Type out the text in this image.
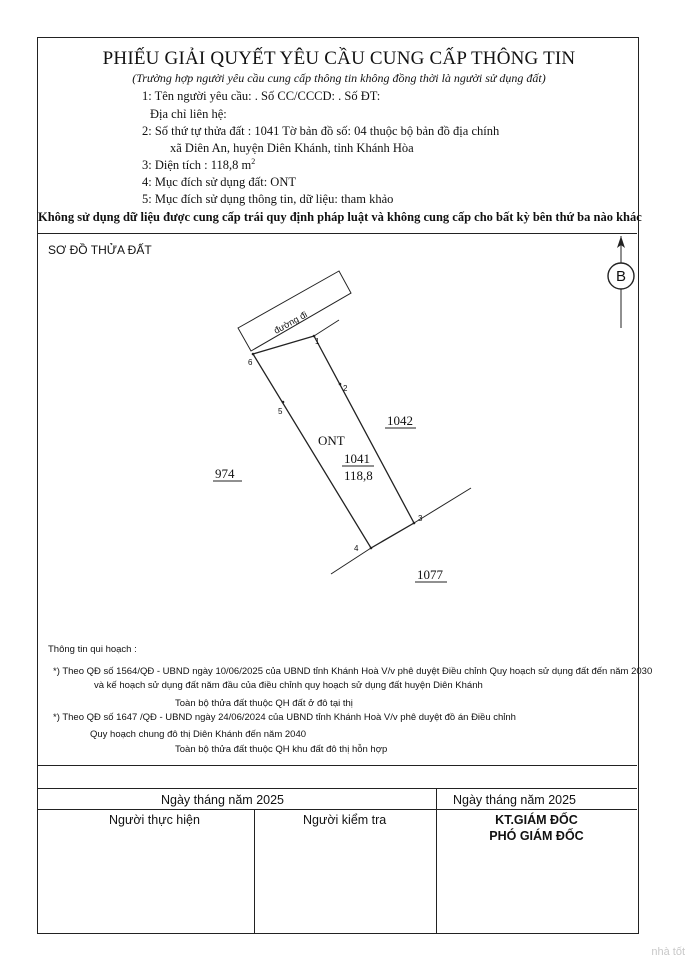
PHIẾU GIẢI QUYẾT YÊU CẦU CUNG CẤP THÔNG TIN
(Trường hợp người yêu cầu cung cấp thông tin không đồng thời là người sử dụng đất)
1: Tên người yêu cầu: . Số CC/CCCD: . Số ĐT:
Địa chỉ liên hệ:
2: Số thứ tự thửa đất : 1041 Tờ bản đồ số: 04 thuộc bộ bản đồ địa chính
xã Diên An, huyện Diên Khánh, tỉnh Khánh Hòa
3: Diện tích : 118,8 $m^2$
4: Mục đích sử dụng đất: ONT
5: Mục đích sử dụng thông tin, dữ liệu: tham khảo
Không sử dụng dữ liệu được cung cấp trái quy định pháp luật và không cung cấp cho bất kỳ bên thứ ba nào khác
SƠ ĐỒ THỬA ĐẤT
B
đường đi
1
2
3
4
5
6
ONT
1041
118,8
974
1042
1077
Thông tin qui hoạch :
*) Theo QĐ số 1564/QĐ - UBND ngày 10/06/2025 của UBND tỉnh Khánh Hoà V/v phê duyệt Điều chỉnh Quy hoạch sử dụng đất đến năm 2030
và kế hoạch sử dụng đất năm đầu của điều chỉnh quy hoạch sử dụng đất huyện Diên Khánh
Toàn bộ thửa đất thuộc QH đất ở đô tại thị
*) Theo QĐ số 1647 /QĐ - UBND ngày 24/06/2024 của UBND tỉnh Khánh Hoà V/v phê duyệt đồ án Điều chỉnh
Quy hoạch chung đô thị Diên Khánh đến năm 2040
Toàn bộ thửa đất thuộc QH khu đất đô thị hỗn hợp
Ngày tháng năm 2025	Ngày tháng năm 2025
Người thực hiện	Người kiểm tra	KT.GIÁM ĐỐC
PHÓ GIÁM ĐỐC
nhà tốt
